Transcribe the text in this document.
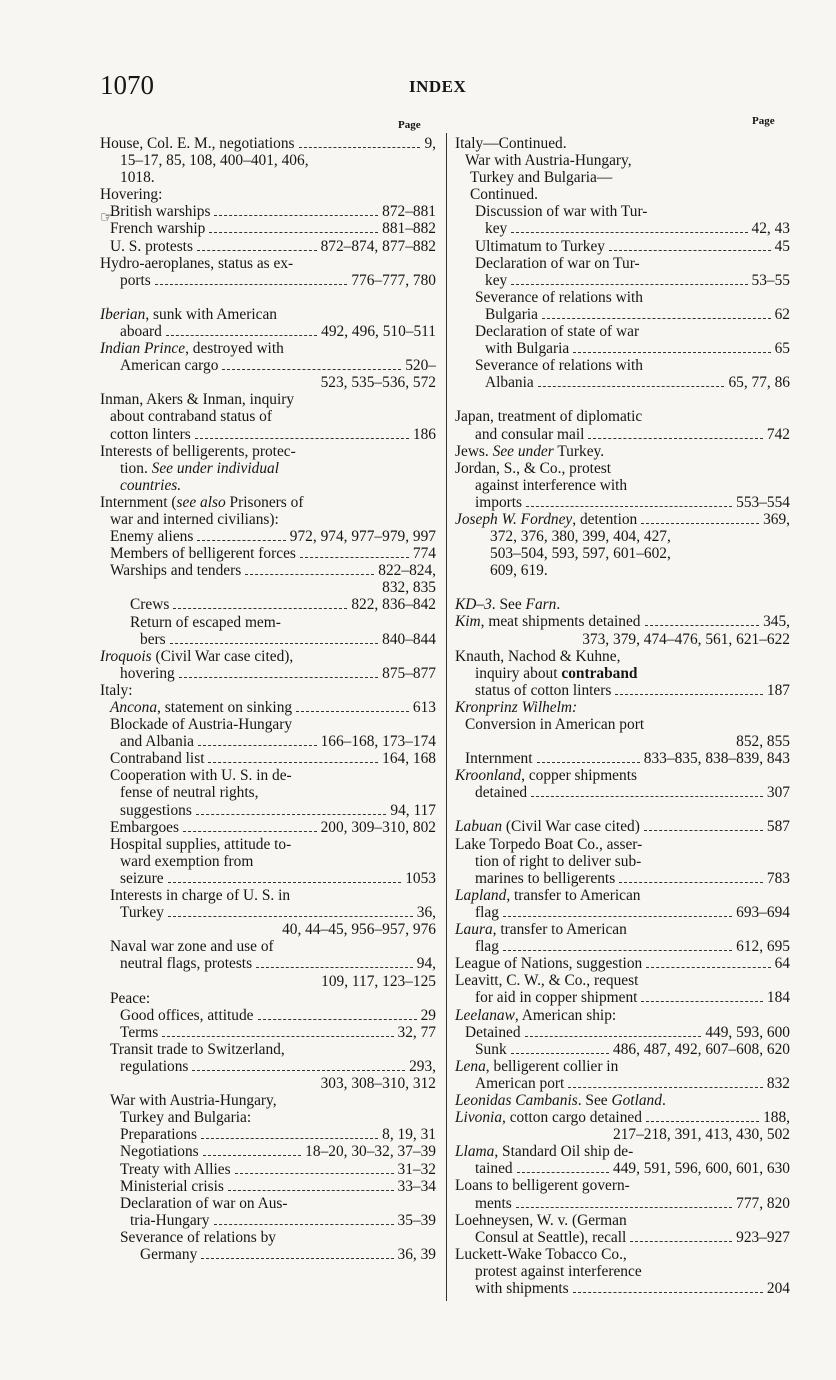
1070	INDEX
Page	Page
☞
House, Col. E. M., negotiations	9,
15–17, 85, 108, 400–401, 406,
1018.
Hovering:
British warships	872–881
French warship	881–882
U. S. protests	872–874, 877–882
Hydro-aeroplanes, status as ex-
ports	776–777, 780
Iberian, sunk with American
aboard	492, 496, 510–511
Indian Prince, destroyed with
American cargo	520–
523, 535–536, 572
Inman, Akers & Inman, inquiry
about contraband status of
cotton linters	186
Interests of belligerents, protec-
tion. See under individual
countries.
Internment (see also Prisoners of
war and interned civilians):
Enemy aliens	972, 974, 977–979, 997
Members of belligerent forces	774
Warships and tenders	822–824,
832, 835
Crews	822, 836–842
Return of escaped mem-
bers	840–844
Iroquois (Civil War case cited),
hovering	875–877
Italy:
Ancona, statement on sinking	613
Blockade of Austria-Hungary
and Albania	166–168, 173–174
Contraband list	164, 168
Cooperation with U. S. in de-
fense of neutral rights,
suggestions	94, 117
Embargoes	200, 309–310, 802
Hospital supplies, attitude to-
ward exemption from
seizure	1053
Interests in charge of U. S. in
Turkey	36,
40, 44–45, 956–957, 976
Naval war zone and use of
neutral flags, protests	94,
109, 117, 123–125
Peace:
Good offices, attitude	29
Terms	32, 77
Transit trade to Switzerland,
regulations	293,
303, 308–310, 312
War with Austria-Hungary,
Turkey and Bulgaria:
Preparations	8, 19, 31
Negotiations	18–20, 30–32, 37–39
Treaty with Allies	31–32
Ministerial crisis	33–34
Declaration of war on Aus-
tria-Hungary	35–39
Severance of relations by
Germany	36, 39
Italy—Continued.
War with Austria-Hungary,
Turkey and Bulgaria—
Continued.
Discussion of war with Tur-
key	42, 43
Ultimatum to Turkey	45
Declaration of war on Tur-
key	53–55
Severance of relations with
Bulgaria	62
Declaration of state of war
with Bulgaria	65
Severance of relations with
Albania	65, 77, 86
Japan, treatment of diplomatic
and consular mail	742
Jews. See under Turkey.
Jordan, S., & Co., protest
against interference with
imports	553–554
Joseph W. Fordney, detention	369,
372, 376, 380, 399, 404, 427,
503–504, 593, 597, 601–602,
609, 619.
KD–3. See Farn.
Kim, meat shipments detained	345,
373, 379, 474–476, 561, 621–622
Knauth, Nachod & Kuhne,
inquiry about contraband
status of cotton linters	187
Kronprinz Wilhelm:
Conversion in American port
852, 855
Internment	833–835, 838–839, 843
Kroonland, copper shipments
detained	307
Labuan (Civil War case cited)	587
Lake Torpedo Boat Co., asser-
tion of right to deliver sub-
marines to belligerents	783
Lapland, transfer to American
flag	693–694
Laura, transfer to American
flag	612, 695
League of Nations, suggestion	64
Leavitt, C. W., & Co., request
for aid in copper shipment	184
Leelanaw, American ship:
Detained	449, 593, 600
Sunk	486, 487, 492, 607–608, 620
Lena, belligerent collier in
American port	832
Leonidas Cambanis. See Gotland.
Livonia, cotton cargo detained	188,
217–218, 391, 413, 430, 502
Llama, Standard Oil ship de-
tained	449, 591, 596, 600, 601, 630
Loans to belligerent govern-
ments	777, 820
Loehneysen, W. v. (German
Consul at Seattle), recall	923–927
Luckett-Wake Tobacco Co.,
protest against interference
with shipments	204
